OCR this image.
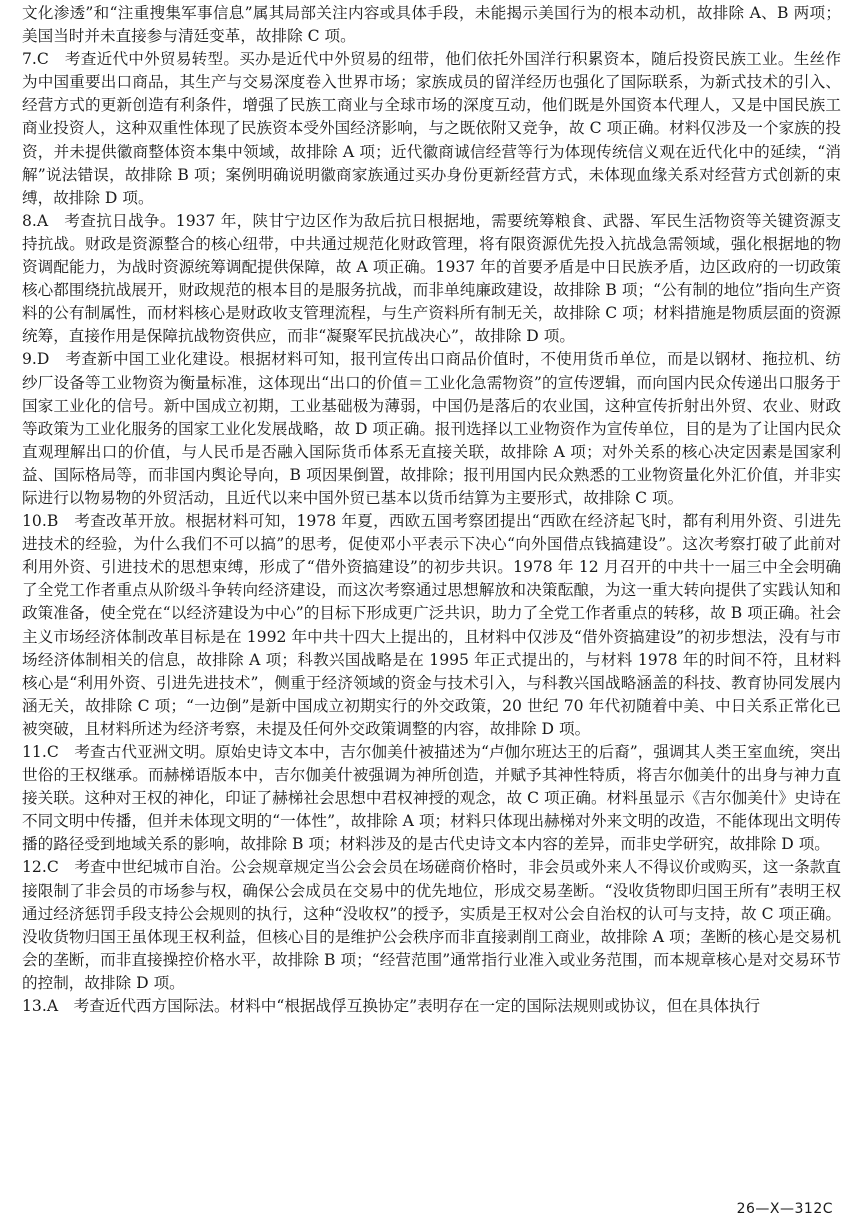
文化渗透”和“注重搜集军事信息”属其局部关注内容或具体手段，未能揭示美国行为的根本动机，故排除 A、B 两项；美国当时并未直接参与清廷变革，故排除 C 项。
7.C　考查近代中外贸易转型。买办是近代中外贸易的纽带，他们依托外国洋行积累资本，随后投资民族工业。生丝作为中国重要出口商品，其生产与交易深度卷入世界市场；家族成员的留洋经历也强化了国际联系，为新式技术的引入、经营方式的更新创造有利条件，增强了民族工商业与全球市场的深度互动，他们既是外国资本代理人，又是中国民族工商业投资人，这种双重性体现了民族资本受外国经济影响，与之既依附又竞争，故 C 项正确。材料仅涉及一个家族的投资，并未提供徽商整体资本集中领域，故排除 A 项；近代徽商诚信经营等行为体现传统信义观在近代化中的延续，“消解”说法错误，故排除 B 项；案例明确说明徽商家族通过买办身份更新经营方式，未体现血缘关系对经营方式创新的束缚，故排除 D 项。
8.A　考查抗日战争。1937 年，陕甘宁边区作为敌后抗日根据地，需要统筹粮食、武器、军民生活物资等关键资源支持抗战。财政是资源整合的核心纽带，中共通过规范化财政管理，将有限资源优先投入抗战急需领域，强化根据地的物资调配能力，为战时资源统筹调配提供保障，故 A 项正确。1937 年的首要矛盾是中日民族矛盾，边区政府的一切政策核心都围绕抗战展开，财政规范的根本目的是服务抗战，而非单纯廉政建设，故排除 B 项；“公有制的地位”指向生产资料的公有制属性，而材料核心是财政收支管理流程，与生产资料所有制无关，故排除 C 项；材料措施是物质层面的资源统筹，直接作用是保障抗战物资供应，而非“凝聚军民抗战决心”，故排除 D 项。
9.D　考查新中国工业化建设。根据材料可知，报刊宣传出口商品价值时，不使用货币单位，而是以钢材、拖拉机、纺纱厂设备等工业物资为衡量标准，这体现出“出口的价值＝工业化急需物资”的宣传逻辑，而向国内民众传递出口服务于国家工业化的信号。新中国成立初期，工业基础极为薄弱，中国仍是落后的农业国，这种宣传折射出外贸、农业、财政等政策为工业化服务的国家工业化发展战略，故 D 项正确。报刊选择以工业物资作为宣传单位，目的是为了让国内民众直观理解出口的价值，与人民币是否融入国际货币体系无直接关联，故排除 A 项；对外关系的核心决定因素是国家利益、国际格局等，而非国内舆论导向，B 项因果倒置，故排除；报刊用国内民众熟悉的工业物资量化外汇价值，并非实际进行以物易物的外贸活动，且近代以来中国外贸已基本以货币结算为主要形式，故排除 C 项。
10.B　考查改革开放。根据材料可知，1978 年夏，西欧五国考察团提出“西欧在经济起飞时，都有利用外资、引进先进技术的经验，为什么我们不可以搞”的思考，促使邓小平表示下决心“向外国借点钱搞建设”。这次考察打破了此前对利用外资、引进技术的思想束缚，形成了“借外资搞建设”的初步共识。1978 年 12 月召开的中共十一届三中全会明确了全党工作者重点从阶级斗争转向经济建设，而这次考察通过思想解放和决策酝酿，为这一重大转向提供了实践认知和政策准备，使全党在“以经济建设为中心”的目标下形成更广泛共识，助力了全党工作者重点的转移，故 B 项正确。社会主义市场经济体制改革目标是在 1992 年中共十四大上提出的，且材料中仅涉及“借外资搞建设”的初步想法，没有与市场经济体制相关的信息，故排除 A 项；科教兴国战略是在 1995 年正式提出的，与材料 1978 年的时间不符，且材料核心是“利用外资、引进先进技术”，侧重于经济领域的资金与技术引入，与科教兴国战略涵盖的科技、教育协同发展内涵无关，故排除 C 项；“一边倒”是新中国成立初期实行的外交政策，20 世纪 70 年代初随着中美、中日关系正常化已被突破，且材料所述为经济考察，未提及任何外交政策调整的内容，故排除 D 项。
11.C　考查古代亚洲文明。原始史诗文本中，吉尔伽美什被描述为“卢伽尔班达王的后裔”，强调其人类王室血统，突出世俗的王权继承。而赫梯语版本中，吉尔伽美什被强调为神所创造，并赋予其神性特质，将吉尔伽美什的出身与神力直接关联。这种对王权的神化，印证了赫梯社会思想中君权神授的观念，故 C 项正确。材料虽显示《吉尔伽美什》史诗在不同文明中传播，但并未体现文明的“一体性”，故排除 A 项；材料只体现出赫梯对外来文明的改造，不能体现出文明传播的路径受到地域关系的影响，故排除 B 项；材料涉及的是古代史诗文本内容的差异，而非史学研究，故排除 D 项。
12.C　考查中世纪城市自治。公会规章规定当公会会员在场磋商价格时，非会员或外来人不得议价或购买，这一条款直接限制了非会员的市场参与权，确保公会成员在交易中的优先地位，形成交易垄断。“没收货物即归国王所有”表明王权通过经济惩罚手段支持公会规则的执行，这种“没收权”的授予，实质是王权对公会自治权的认可与支持，故 C 项正确。没收货物归国王虽体现王权利益，但核心目的是维护公会秩序而非直接剥削工商业，故排除 A 项；垄断的核心是交易机会的垄断，而非直接操控价格水平，故排除 B 项；“经营范围”通常指行业准入或业务范围，而本规章核心是对交易环节的控制，故排除 D 项。
13.A　考查近代西方国际法。材料中“根据战俘互换协定”表明存在一定的国际法规则或协议，但在具体执行
26—X—312C
